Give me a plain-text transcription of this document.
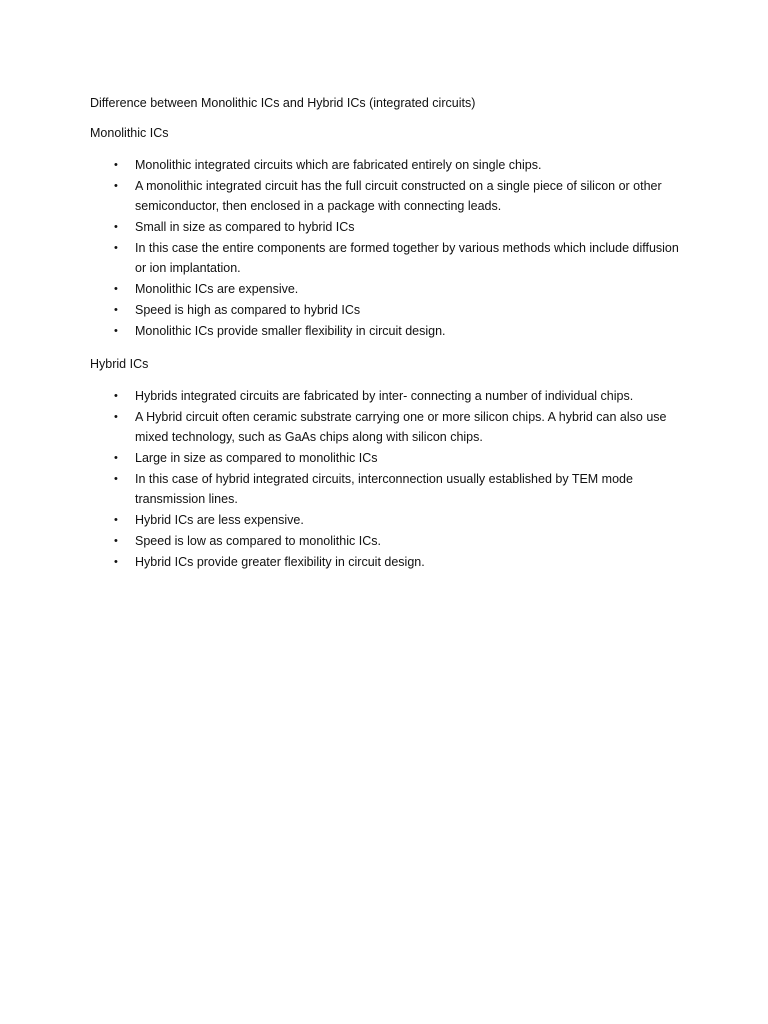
Difference between Monolithic ICs and Hybrid ICs (integrated circuits)

Monolithic ICs

• Monolithic integrated circuits which are fabricated entirely on single chips.
• A monolithic integrated circuit has the full circuit constructed on a single piece of silicon or other semiconductor, then enclosed in a package with connecting leads.
• Small in size as compared to hybrid ICs
• In this case the entire components are formed together by various methods which include diffusion or ion implantation.
• Monolithic ICs are expensive.
• Speed is high as compared to hybrid ICs
• Monolithic ICs provide smaller flexibility in circuit design.

Hybrid ICs

• Hybrids integrated circuits are fabricated by inter- connecting a number of individual chips.
• A Hybrid circuit often ceramic substrate carrying one or more silicon chips. A hybrid can also use mixed technology, such as GaAs chips along with silicon chips.
• Large in size as compared to monolithic ICs
• In this case of hybrid integrated circuits, interconnection usually established by TEM mode transmission lines.
• Hybrid ICs are less expensive.
• Speed is low as compared to monolithic ICs.
• Hybrid ICs provide greater flexibility in circuit design.
